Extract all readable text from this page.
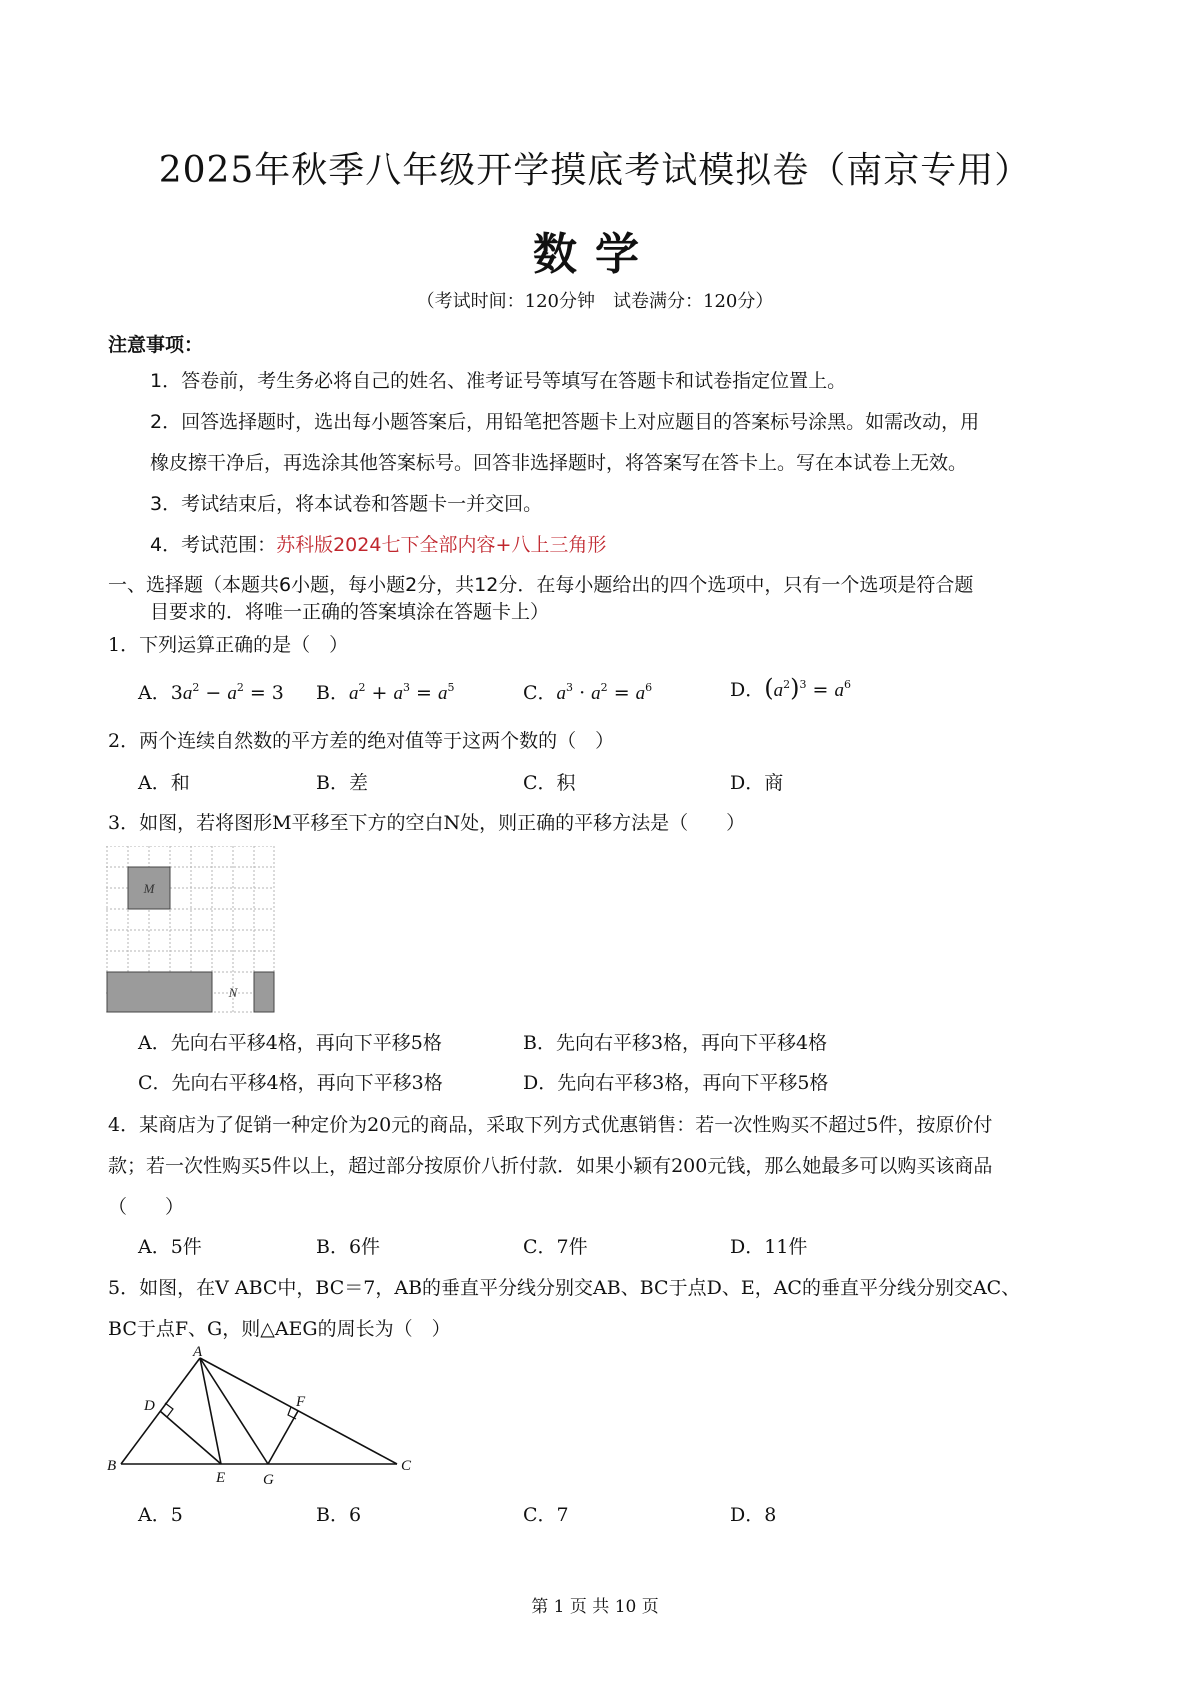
2025年秋季八年级开学摸底考试模拟卷（南京专用）
数学
（考试时间：120分钟　试卷满分：120分）
注意事项：
1．答卷前，考生务必将自己的姓名、准考证号等填写在答题卡和试卷指定位置上。
2．回答选择题时，选出每小题答案后，用铅笔把答题卡上对应题目的答案标号涂黑。如需改动，用
橡皮擦干净后，再选涂其他答案标号。回答非选择题时，将答案写在答卡上。写在本试卷上无效。
3．考试结束后，将本试卷和答题卡一并交回。
4．考试范围：苏科版2024七下全部内容+八上三角形
一、选择题（本题共6小题，每小题2分，共12分．在每小题给出的四个选项中，只有一个选项是符合题
目要求的．将唯一正确的答案填涂在答题卡上）
1．下列运算正确的是（　）
A．$3a^2 - a^2 = 3$ B．$a^2 + a^3 = a^5$	C．$a^3 \cdot a^2 = a^6$	D．$(a^2)^3 = a^6$
2．两个连续自然数的平方差的绝对值等于这两个数的（　）
A．和	B．差	C．积	D．商
3．如图，若将图形M平移至下方的空白N处，则正确的平移方法是（　　）
M
N
A．先向右平移4格，再向下平移5格	B．先向右平移3格，再向下平移4格
C．先向右平移4格，再向下平移3格	D．先向右平移3格，再向下平移5格
4．某商店为了促销一种定价为20元的商品，采取下列方式优惠销售：若一次性购买不超过5件，按原价付
款；若一次性购买5件以上，超过部分按原价八折付款．如果小颖有200元钱，那么她最多可以购买该商品
（　　）
A．5件	B．6件	C．7件	D．11件
5．如图，在V ABC中，BC＝7，AB的垂直平分线分别交AB、BC于点D、E，AC的垂直平分线分别交AC、
BC于点F、G，则△AEG的周长为（　）
A
B	C
D
E
F
G
A．5	B．6	C．7	D．8
第 1 页 共 10 页
